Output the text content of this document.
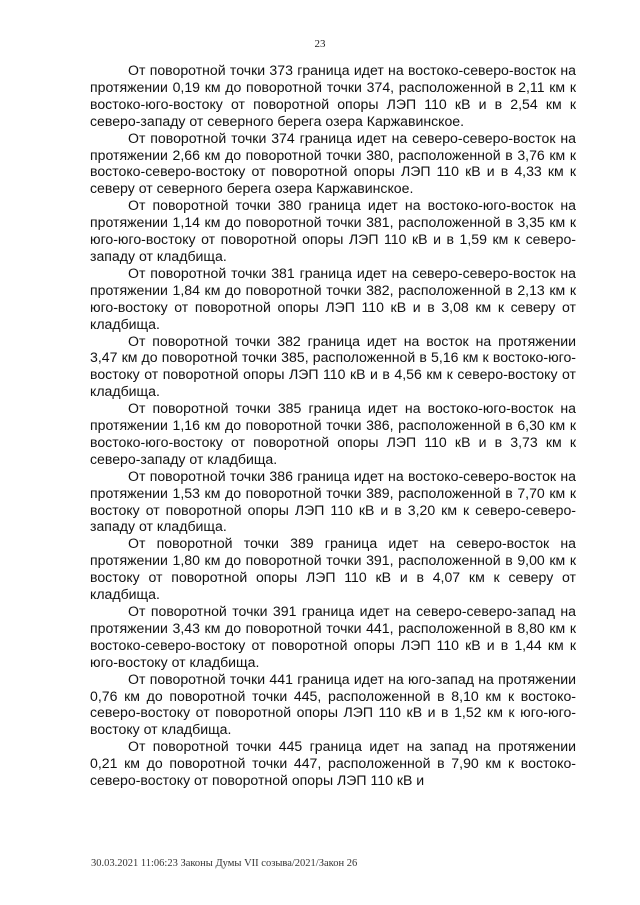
23

От поворотной точки 373 граница идет на востоко-северо-восток на протяжении 0,19 км до поворотной точки 374, расположенной в 2,11 км к востоко-юго-востоку от поворотной опоры ЛЭП 110 кВ и в 2,54 км к северо-западу от северного берега озера Каржавинское.

От поворотной точки 374 граница идет на северо-северо-восток на протяжении 2,66 км до поворотной точки 380, расположенной в 3,76 км к востоко-северо-востоку от поворотной опоры ЛЭП 110 кВ и в 4,33 км к северу от северного берега озера Каржавинское.

От поворотной точки 380 граница идет на востоко-юго-восток на протяжении 1,14 км до поворотной точки 381, расположенной в 3,35 км к юго-юго-востоку от поворотной опоры ЛЭП 110 кВ и в 1,59 км к северо-западу от кладбища.

От поворотной точки 381 граница идет на северо-северо-восток на протяжении 1,84 км до поворотной точки 382, расположенной в 2,13 км к юго-востоку от поворотной опоры ЛЭП 110 кВ и в 3,08 км к северу от кладбища.

От поворотной точки 382 граница идет на восток на протяжении 3,47 км до поворотной точки 385, расположенной в 5,16 км к востоко-юго-востоку от поворотной опоры ЛЭП 110 кВ и в 4,56 км к северо-востоку от кладбища.

От поворотной точки 385 граница идет на востоко-юго-восток на протяжении 1,16 км до поворотной точки 386, расположенной в 6,30 км к востоко-юго-востоку от поворотной опоры ЛЭП 110 кВ и в 3,73 км к северо-западу от кладбища.

От поворотной точки 386 граница идет на востоко-северо-восток на протяжении 1,53 км до поворотной точки 389, расположенной в 7,70 км к востоку от поворотной опоры ЛЭП 110 кВ и в 3,20 км к северо-северо-западу от кладбища.

От поворотной точки 389 граница идет на северо-восток на протяжении 1,80 км до поворотной точки 391, расположенной в 9,00 км к востоку от поворотной опоры ЛЭП 110 кВ и в 4,07 км к северу от кладбища.

От поворотной точки 391 граница идет на северо-северо-запад на протяжении 3,43 км до поворотной точки 441, расположенной в 8,80 км к востоко-северо-востоку от поворотной опоры ЛЭП 110 кВ и в 1,44 км к юго-востоку от кладбища.

От поворотной точки 441 граница идет на юго-запад на протяжении 0,76 км до поворотной точки 445, расположенной в 8,10 км к востоко-северо-востоку от поворотной опоры ЛЭП 110 кВ и в 1,52 км к юго-юго-востоку от кладбища.

От поворотной точки 445 граница идет на запад на протяжении 0,21 км до поворотной точки 447, расположенной в 7,90 км к востоко-северо-востоку от поворотной опоры ЛЭП 110 кВ и

30.03.2021 11:06:23 Законы Думы VII созыва/2021/Закон 26
